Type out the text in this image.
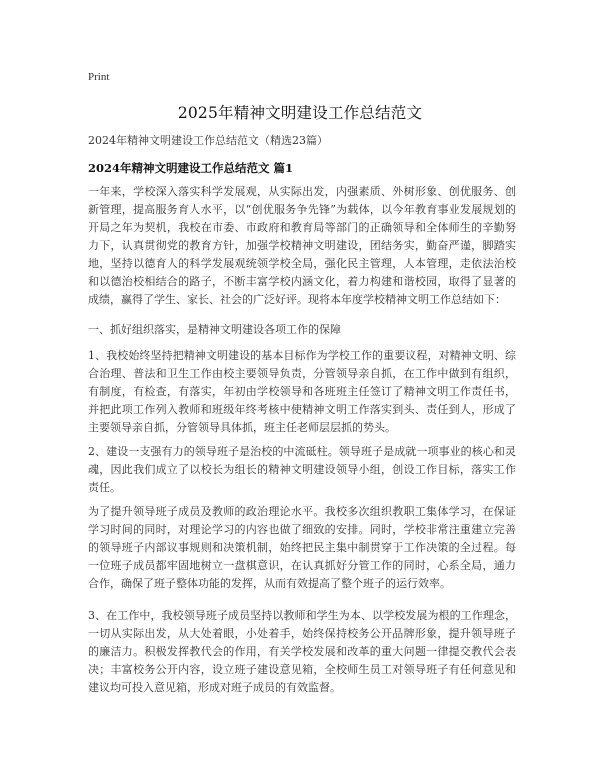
Print
2025年精神文明建设工作总结范文
2024年精神文明建设工作总结范文（精选23篇）
2024年精神文明建设工作总结范文 篇1

一年来，学校深入落实科学发展观，从实际出发，内强素质、外树形象、创优服务、创新管理，提高服务育人水平，以“创优服务争先锋”为载体，以今年教育事业发展规划的开局之年为契机，我校在市委、市政府和教育局等部门的正确领导和全体师生的辛勤努力下，认真贯彻党的教育方针，加强学校精神文明建设，团结务实，勤奋严谨，脚踏实地，坚持以德育人的科学发展观统领学校全局，强化民主管理，人本管理，走依法治校和以德治校相结合的路子，不断丰富学校内涵文化，着力构建和谐校园，取得了显著的成绩，赢得了学生、家长、社会的广泛好评。现将本年度学校精神文明工作总结如下：

一、抓好组织落实，是精神文明建设各项工作的保障

1、我校始终坚持把精神文明建设的基本目标作为学校工作的重要议程，对精神文明、综合治理、普法和卫生工作由校主要领导负责，分管领导亲自抓，在工作中做到有组织，有制度，有检查，有落实，年初由学校领导和各班班主任签订了精神文明工作责任书，并把此项工作列入教师和班级年终考核中使精神文明工作落实到头、责任到人，形成了主要领导亲自抓，分管领导具体抓，班主任老师层层抓的势头。

2、建设一支强有力的领导班子是治校的中流砥柱。领导班子是成就一项事业的核心和灵魂，因此我们成立了以校长为组长的精神文明建设领导小组，创设工作目标，落实工作责任。

为了提升领导班子成员及教师的政治理论水平。我校多次组织教职工集体学习，在保证学习时间的同时，对理论学习的内容也做了细致的安排。同时，学校非常注重建立完善的领导班子内部议事规则和决策机制，始终把民主集中制贯穿于工作决策的全过程。每一位班子成员都牢固地树立一盘棋意识，在认真抓好分管工作的同时，心系全局，通力合作，确保了班子整体功能的发挥，从而有效提高了整个班子的运行效率。

3、在工作中，我校领导班子成员坚持以教师和学生为本、以学校发展为根的工作理念，一切从实际出发，从大处着眼，小处着手，始终保持校务公开品牌形象，提升领导班子的廉洁力。积极发挥教代会的作用，有关学校发展和改革的重大问题一律提交教代会表决；丰富校务公开内容，设立班子建设意见箱，全校师生员工对领导班子有任何意见和建议均可投入意见箱，形成对班子成员的有效监督。
